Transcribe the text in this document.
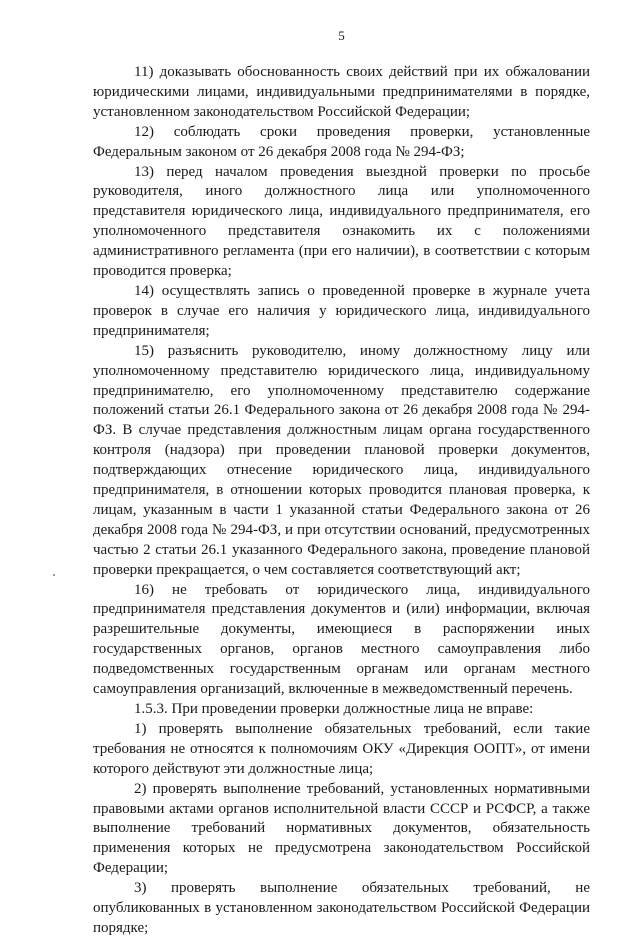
5

11) доказывать обоснованность своих действий при их обжаловании юридическими лицами, индивидуальными предпринимателями в порядке, установленном законодательством Российской Федерации;

12) соблюдать сроки проведения проверки, установленные Федеральным законом от 26 декабря 2008 года № 294-ФЗ;

13) перед началом проведения выездной проверки по просьбе руководителя, иного должностного лица или уполномоченного представителя юридического лица, индивидуального предпринимателя, его уполномоченного представителя ознакомить их с положениями административного регламента (при его наличии), в соответствии с которым проводится проверка;

14) осуществлять запись о проведенной проверке в журнале учета проверок в случае его наличия у юридического лица, индивидуального предпринимателя;

15) разъяснить руководителю, иному должностному лицу или уполномоченному представителю юридического лица, индивидуальному предпринимателю, его уполномоченному представителю содержание положений статьи 26.1 Федерального закона от 26 декабря 2008 года № 294-ФЗ. В случае представления должностным лицам органа государственного контроля (надзора) при проведении плановой проверки документов, подтверждающих отнесение юридического лица, индивидуального предпринимателя, в отношении которых проводится плановая проверка, к лицам, указанным в части 1 указанной статьи Федерального закона от 26 декабря 2008 года № 294-ФЗ, и при отсутствии оснований, предусмотренных частью 2 статьи 26.1 указанного Федерального закона, проведение плановой проверки прекращается, о чем составляется соответствующий акт;

16) не требовать от юридического лица, индивидуального предпринимателя представления документов и (или) информации, включая разрешительные документы, имеющиеся в распоряжении иных государственных органов, органов местного самоуправления либо подведомственных государственным органам или органам местного самоуправления организаций, включенные в межведомственный перечень.

1.5.3. При проведении проверки должностные лица не вправе:

1) проверять выполнение обязательных требований, если такие требования не относятся к полномочиям ОКУ «Дирекция ООПТ», от имени которого действуют эти должностные лица;

2) проверять выполнение требований, установленных нормативными правовыми актами органов исполнительной власти СССР и РСФСР, а также выполнение требований нормативных документов, обязательность применения которых не предусмотрена законодательством Российской Федерации;

3) проверять выполнение обязательных требований, не опубликованных в установленном законодательством Российской Федерации порядке;
